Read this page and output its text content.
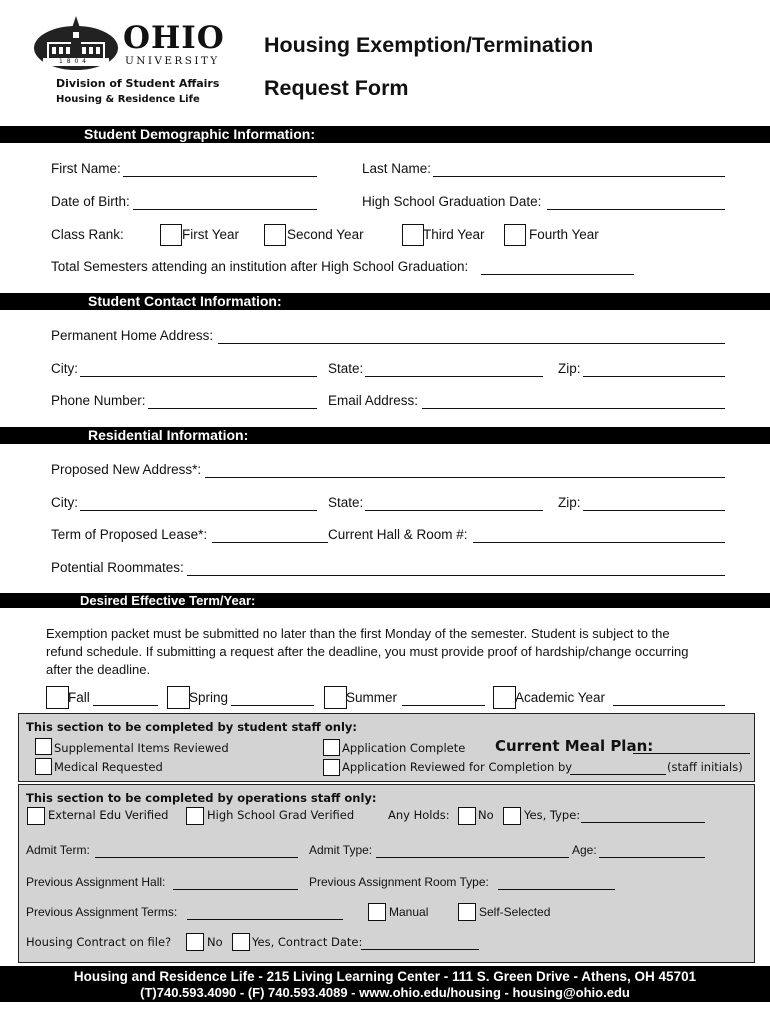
1 8 0 4
OHIO
UNIVERSITY
Division of Student Affairs
Housing & Residence Life
Housing Exemption/Termination
Request Form
Student Demographic Information:
First Name:	Last Name:
Date of Birth:	High School Graduation Date:
Class Rank:	First Year	Second Year	Third Year	Fourth Year
Total Semesters attending an institution after High School Graduation:
Student Contact Information:
Permanent Home Address:
City:	State:	Zip:
Phone Number:	Email Address:
Residential Information:
Proposed New Address*:
City:	State:	Zip:
Term of Proposed Lease*:	Current Hall & Room #:
Potential Roommates:
Desired Effective Term/Year:
Exemption packet must be submitted no later than the first Monday of the semester. Student is subject to the
refund schedule. If submitting a request after the deadline, you must provide proof of hardship/change occurring
after the deadline.
Fall	Spring	Summer	Academic Year
This section to be completed by student staff only:
Supplemental Items Reviewed
Medical Requested
Application Complete Current Meal Plan:
Application Reviewed for Completion by	(staff initials)
This section to be completed by operations staff only:
External Edu Verified	High School Grad Verified	Any Holds: No	Yes, Type:
Admit Term:	Admit Type:	Age:
Previous Assignment Hall:	Previous Assignment Room Type:
Previous Assignment Terms:	Manual	Self-Selected
Housing Contract on file?	No	Yes, Contract Date:
Housing and Residence Life - 215 Living Learning Center - 111 S. Green Drive - Athens, OH 45701
(T)740.593.4090 - (F) 740.593.4089 - www.ohio.edu/housing - housing@ohio.edu
